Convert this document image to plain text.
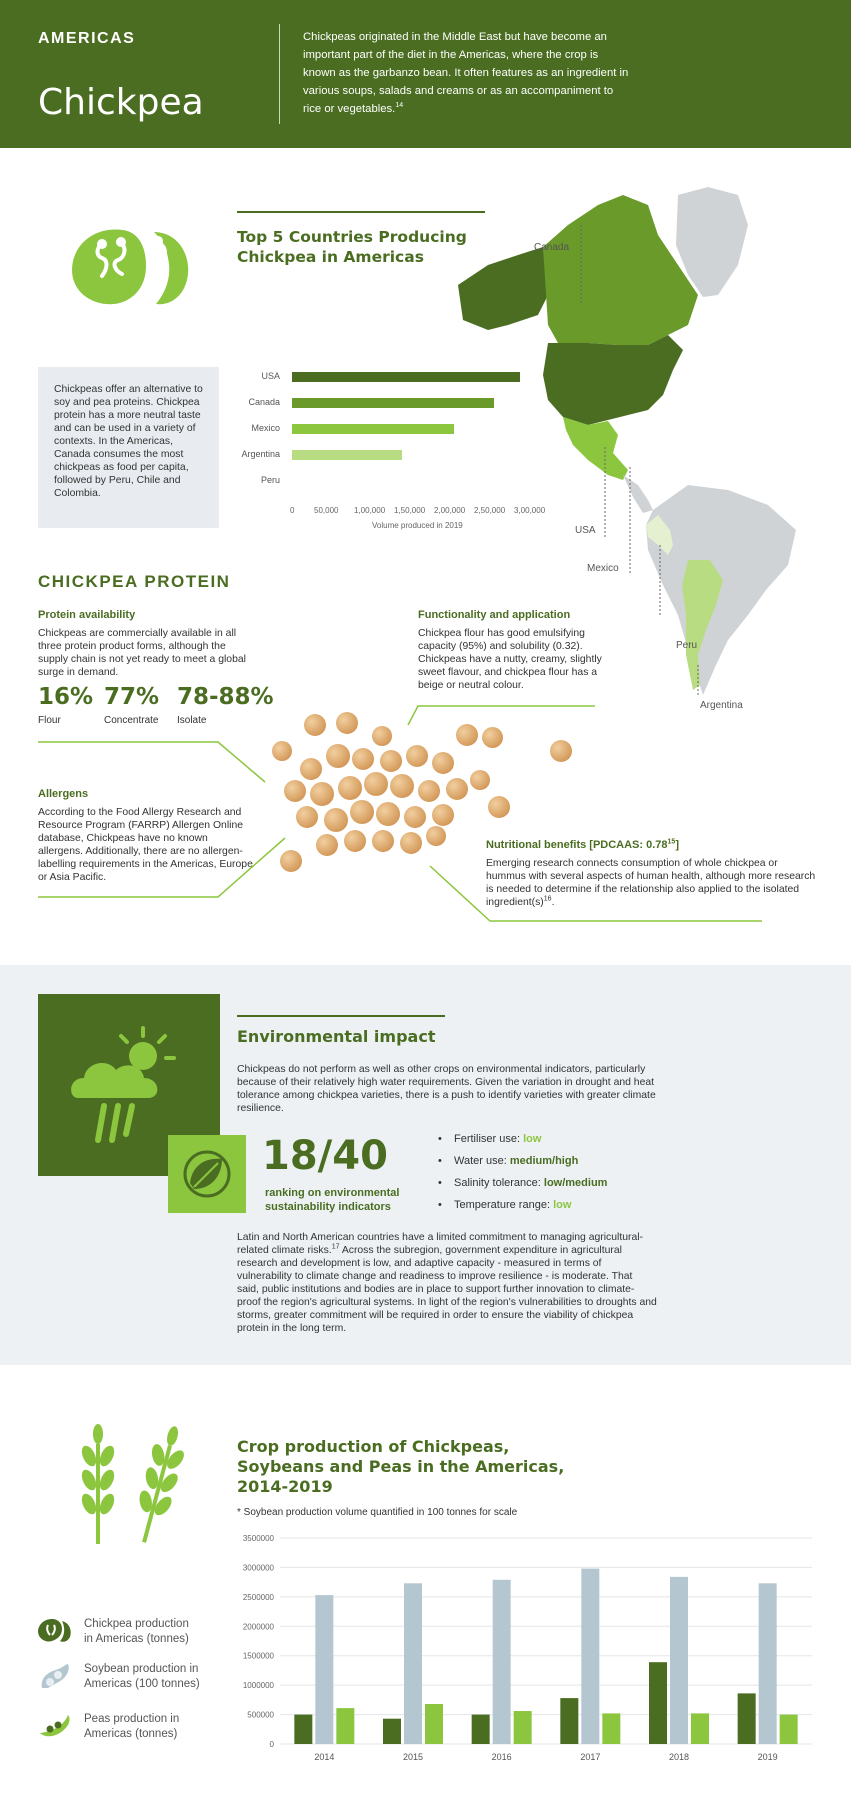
AMERICAS
Chickpea
Chickpeas originated in the Middle East but have become an important part of the diet in the Americas, where the crop is known as the garbanzo bean. It often features as an ingredient in various soups, salads and creams or as an accompaniment to rice or vegetables.$^{14}$
Top 5 Countries Producing
Chickpea in Americas
Chickpeas offer an alternative to soy and pea proteins. Chickpea protein has a more neutral taste and can be used in a variety of contexts. In the Americas, Canada consumes the most chickpeas as food per capita, followed by Peru, Chile and Colombia.
USA
Canada
Mexico
Argentina
Peru
0 50,000 1,00,000 1,50,000 2,00,000 2,50,000 3,00,000
Volume produced in 2019
Canada
USA
Mexico
Peru
Argentina
CHICKPEA PROTEIN
Protein availability
Chickpeas are commercially available in all three protein product forms, although the supply chain is not yet ready to meet a global surge in demand.
16%
Flour
77%
Concentrate
78-88%
Isolate
Functionality and application
Chickpea flour has good emulsifying capacity (95%) and solubility (0.32). Chickpeas have a nutty, creamy, slightly sweet flavour, and chickpea flour has a beige or neutral colour.
Allergens
According to the Food Allergy Research and Resource Program (FARRP) Allergen Online database, Chickpeas have no known allergens. Additionally, there are no allergen-labelling requirements in the Americas, Europe or Asia Pacific.
Nutritional benefits [PDCAAS: 0.78$^{15}$]
Emerging research connects consumption of whole chickpea or hummus with several aspects of human health, although more research is needed to determine if the relationship also applied to the isolated $ingredient(s)^{16}$.
Environmental impact
Chickpeas do not perform as well as other crops on environmental indicators, particularly because of their relatively high water requirements. Given the variation in drought and heat tolerance among chickpea varieties, there is a push to identify varieties with greater climate resilience.
18/40
ranking on environmental sustainability indicators
• Fertiliser use: low
• Water use: medium/high
• Salinity tolerance: low/medium
• Temperature range: low
Latin and North American countries have a limited commitment to managing agricultural-related climate risks.$^{17}$ Across the subregion, government expenditure in agricultural research and development is low, and adaptive capacity - measured in terms of vulnerability to climate change and readiness to improve resilience - is moderate. That said, public institutions and bodies are in place to support further innovation to climate-proof the region's agricultural systems. In light of the region's vulnerabilities to droughts and storms, greater commitment will be required in order to ensure the viability of chickpea protein in the long term.
Crop production of Chickpeas,
Soybeans and Peas in the Americas,
2014-2019
* Soybean production volume quantified in 100 tonnes for scale
Chickpea production
in Americas (tonnes)
Soybean production in
Americas (100 tonnes)
Peas production in
Americas (tonnes)
3500000
3000000
2500000
2000000
1500000
1000000
500000
0
2014	2015	2016	2017	2018	2019
